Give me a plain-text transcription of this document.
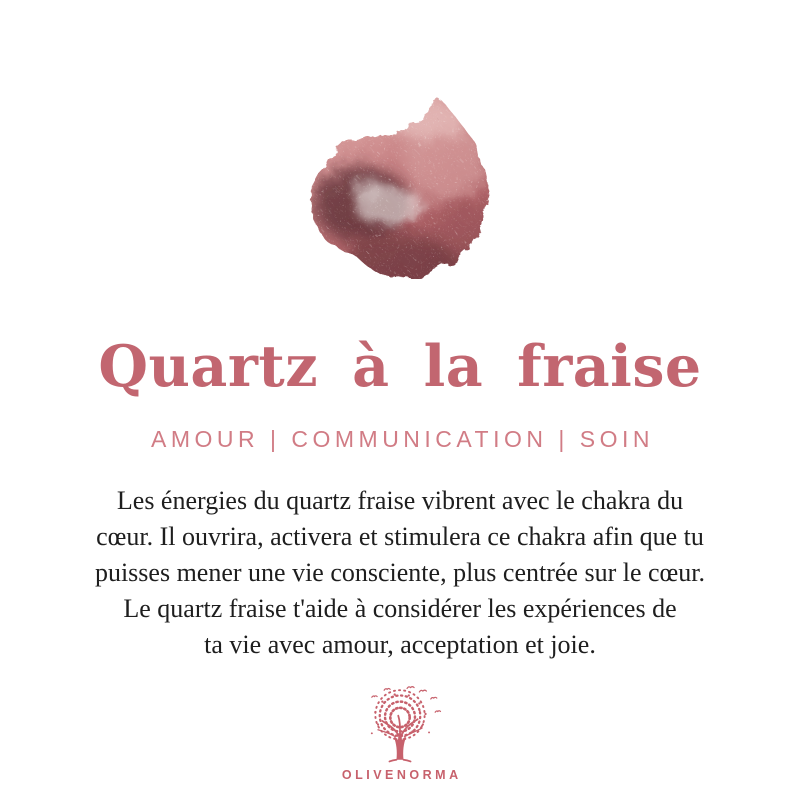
Quartz à la fraise
AMOUR | COMMUNICATION | SOIN
Les énergies du quartz fraise vibrent avec le chakra du
cœur. Il ouvrira, activera et stimulera ce chakra afin que tu
puisses mener une vie consciente, plus centrée sur le cœur.
Le quartz fraise t'aide à considérer les expériences de
ta vie avec amour, acceptation et joie.
OLIVENORMA
